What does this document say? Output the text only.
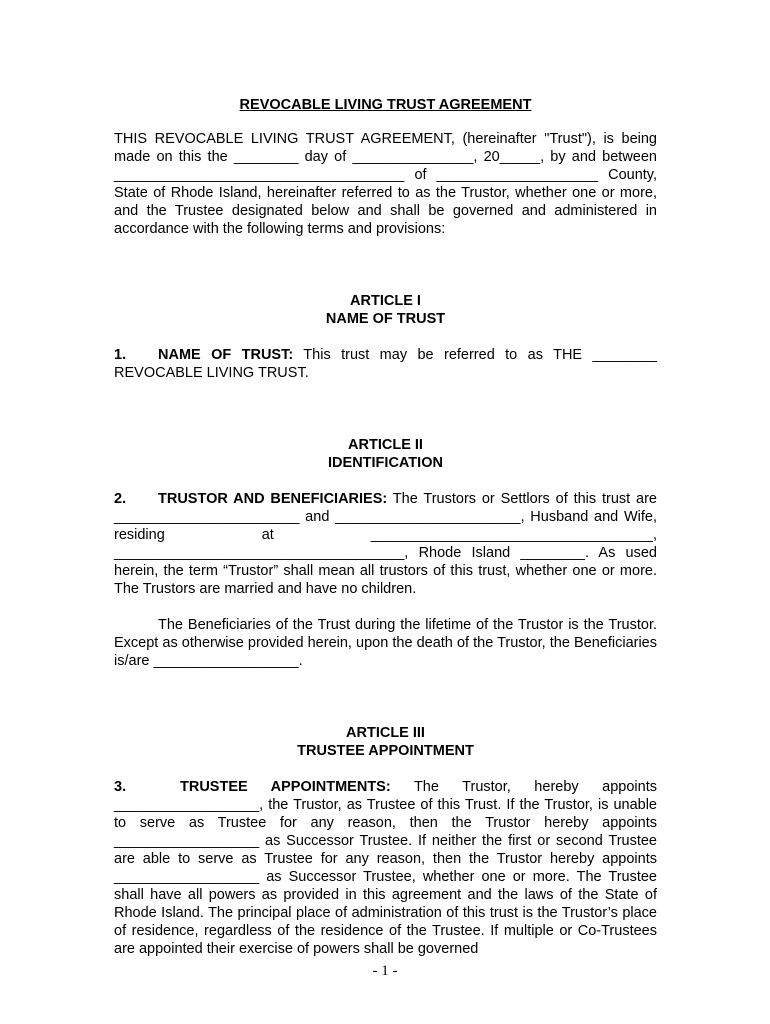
REVOCABLE LIVING TRUST AGREEMENT

THIS REVOCABLE LIVING TRUST AGREEMENT, (hereinafter "Trust"), is being made on this the ________ day of _______________, 20_____, by and between ____________________________________ of ____________________ County, State of Rhode Island, hereinafter referred to as the Trustor, whether one or more, and the Trustee designated below and shall be governed and administered in accordance with the following terms and provisions:

ARTICLE I
NAME OF TRUST

1. NAME OF TRUST: This trust may be referred to as THE ________ REVOCABLE LIVING TRUST.

ARTICLE II
IDENTIFICATION

2. TRUSTOR AND BENEFICIARIES: The Trustors or Settlors of this trust are _______________________ and _______________________, Husband and Wife, residing at ___________________________________, ____________________________________, Rhode Island ________. As used herein, the term “Trustor” shall mean all trustors of this trust, whether one or more. The Trustors are married and have no children.

The Beneficiaries of the Trust during the lifetime of the Trustor is the Trustor. Except as otherwise provided herein, upon the death of the Trustor, the Beneficiaries is/are __________________.

ARTICLE III
TRUSTEE APPOINTMENT

3.	TRUSTEE APPOINTMENTS: The Trustor, hereby appoints __________________, the Trustor, as Trustee of this Trust. If the Trustor, is unable to serve as Trustee for any reason, then the Trustor hereby appoints __________________ as Successor Trustee. If neither the first or second Trustee are able to serve as Trustee for any reason, then the Trustor hereby appoints __________________ as Successor Trustee, whether one or more. The Trustee shall have all powers as provided in this agreement and the laws of the State of Rhode Island. The principal place of administration of this trust is the Trustor’s place of residence, regardless of the residence of the Trustee. If multiple or Co-Trustees are appointed their exercise of powers shall be governed

- 1 -
